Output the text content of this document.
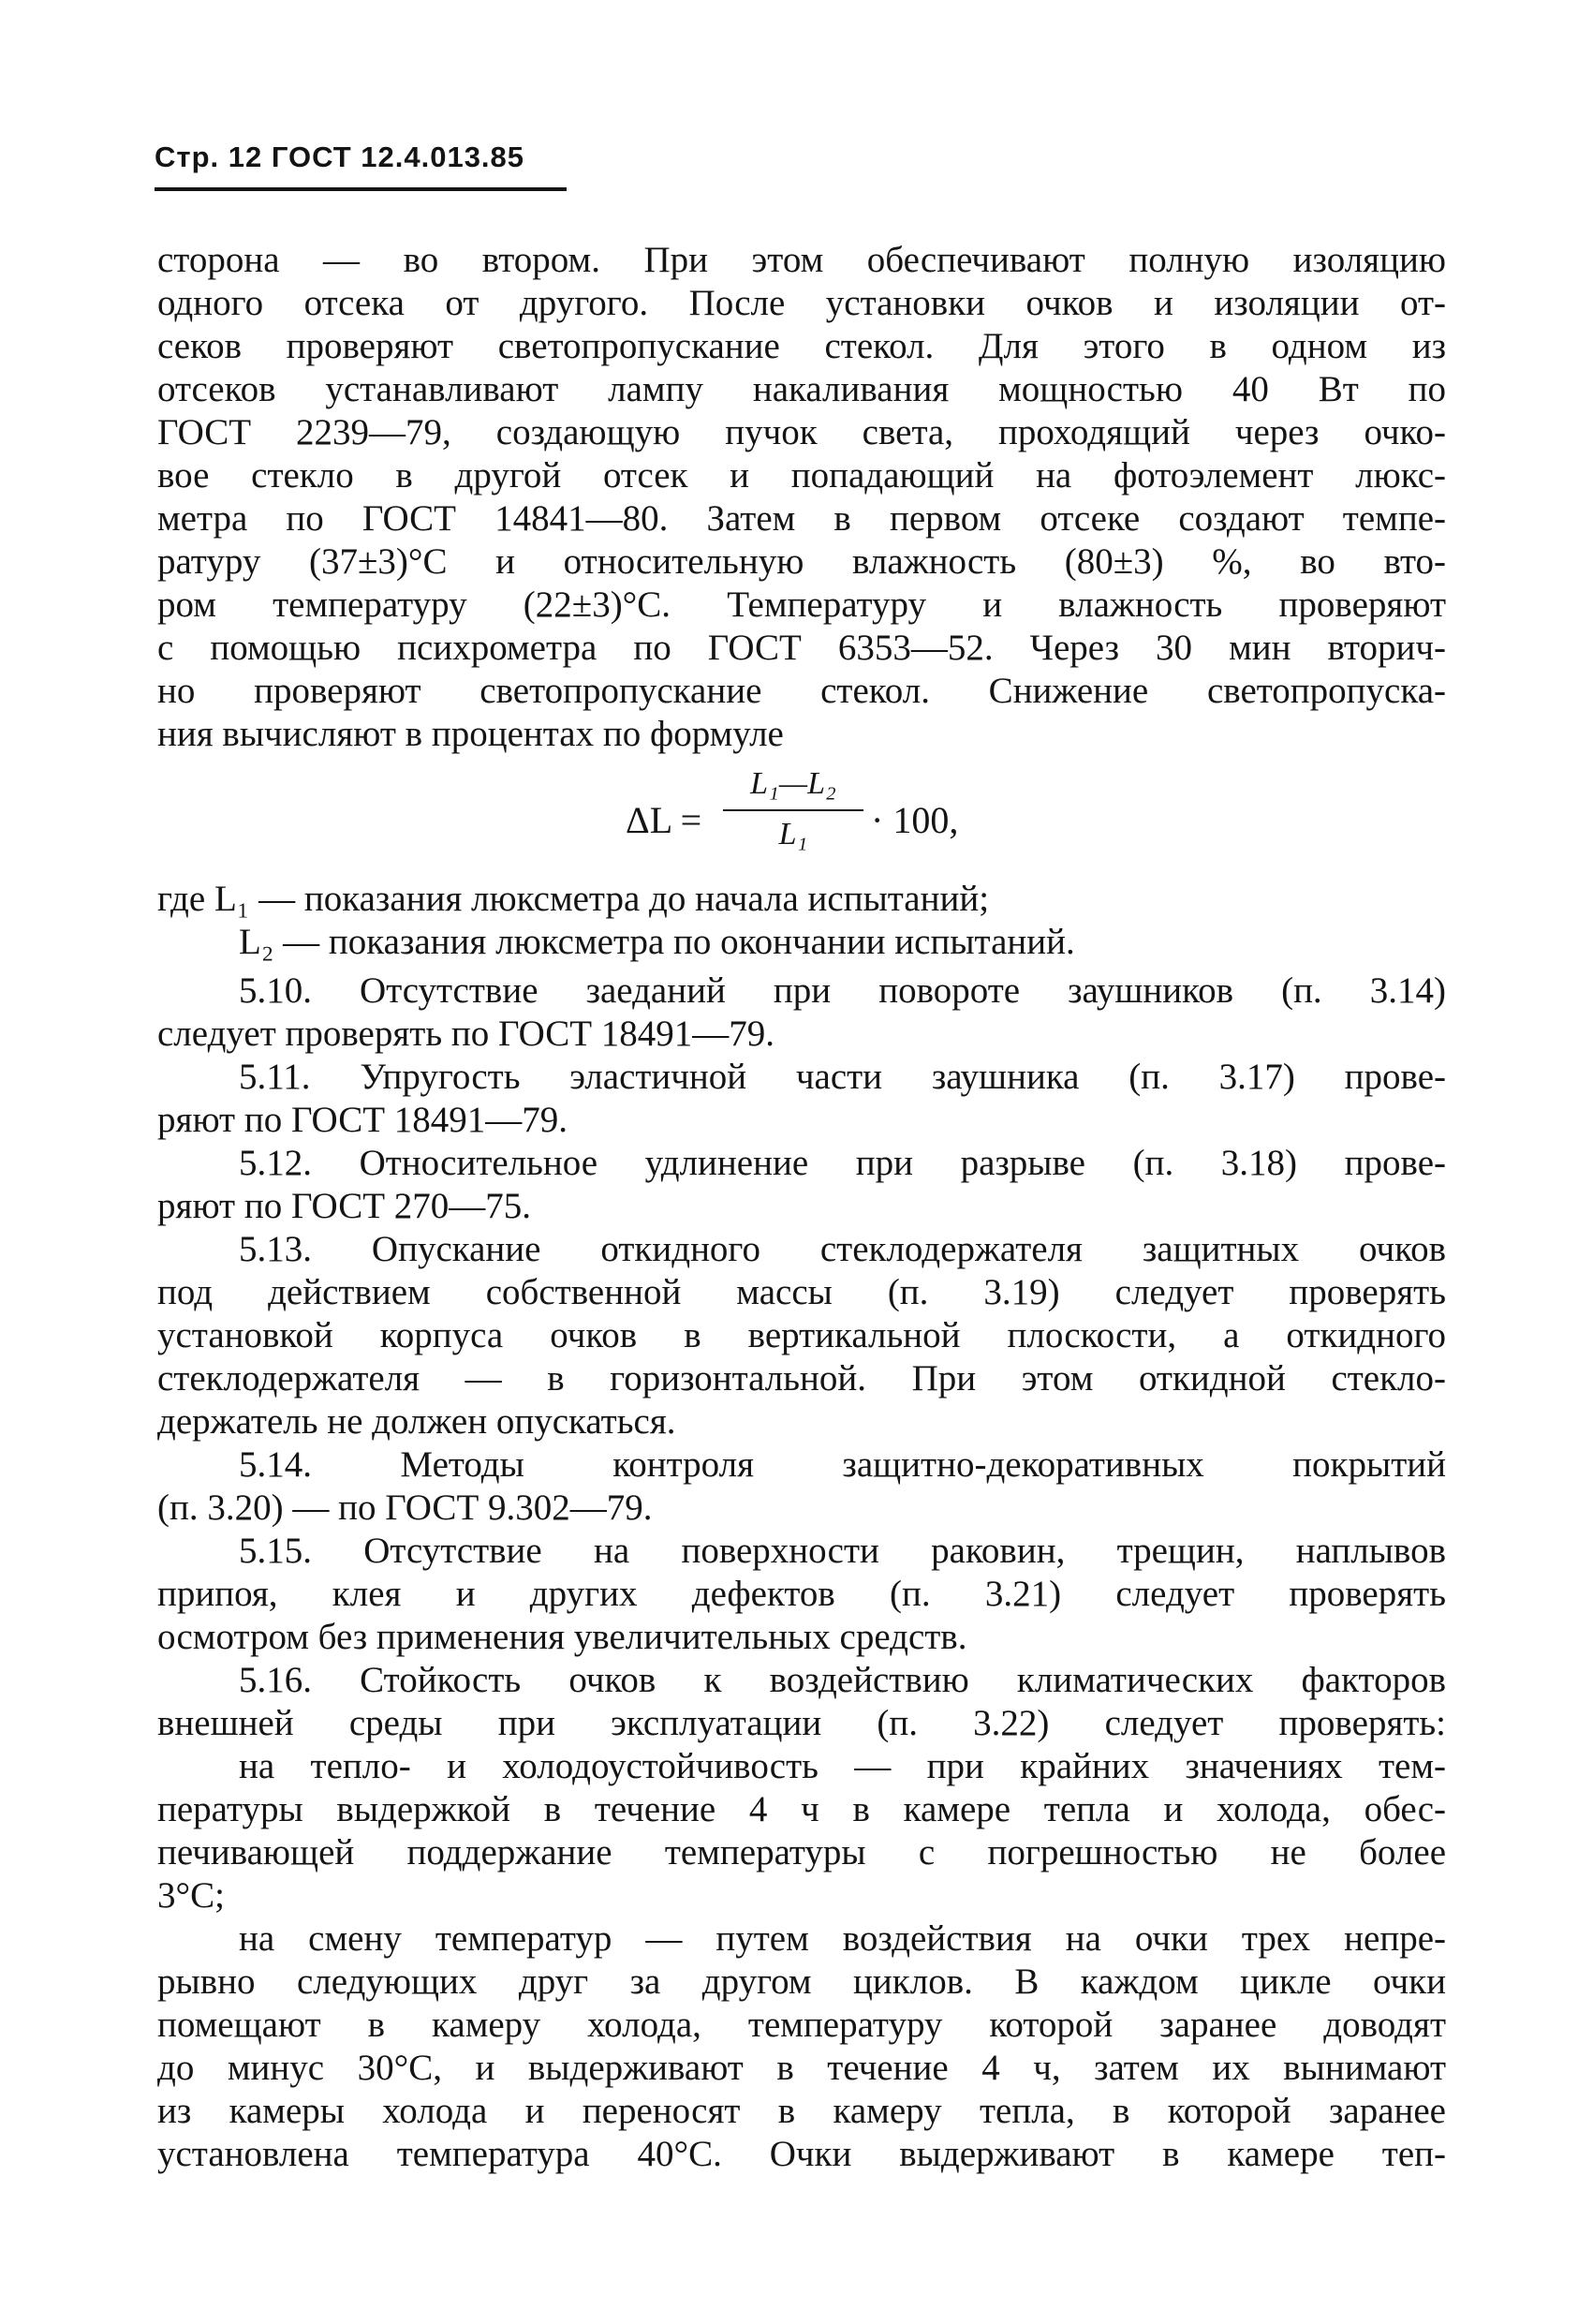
Стр. 12 ГОСТ 12.4.013.85
сторона — во втором. При этом обеспечивают полную изоляцию
одного отсека от другого. После установки очков и изоляции от-
секов проверяют светопропускание стекол. Для этого в одном из
отсеков устанавливают лампу накаливания мощностью 40 Вт по
ГОСТ 2239—79, создающую пучок света, проходящий через очко-
вое стекло в другой отсек и попадающий на фотоэлемент люкс-
метра по ГОСТ 14841—80. Затем в первом отсеке создают темпе-
ратуру (37±3)°С и относительную влажность (80±3) %, во вто-
ром температуру (22±3)°С. Температуру и влажность проверяют
с помощью психрометра по ГОСТ 6353—52. Через 30 мин вторич-
но проверяют светопропускание стекол. Снижение светопропуска-
ния вычисляют в процентах по формуле
ΔL =
L₁—L₂
L₁	· 100,
где L₁ — показания люксметра до начала испытаний;
L₂ — показания люксметра по окончании испытаний.
5.10. Отсутствие заеданий при повороте заушников (п. 3.14)
следует проверять по ГОСТ 18491—79.
5.11. Упругость эластичной части заушника (п. 3.17) прове-
ряют по ГОСТ 18491—79.
5.12. Относительное удлинение при разрыве (п. 3.18) прове-
ряют по ГОСТ 270—75.
5.13. Опускание откидного стеклодержателя защитных очков
под действием собственной массы (п. 3.19) следует проверять
установкой корпуса очков в вертикальной плоскости, а откидного
стеклодержателя — в горизонтальной. При этом откидной стекло-
держатель не должен опускаться.
5.14. Методы контроля защитно-декоративных покрытий
(п. 3.20) — по ГОСТ 9.302—79.
5.15. Отсутствие на поверхности раковин, трещин, наплывов
припоя, клея и других дефектов (п. 3.21) следует проверять
осмотром без применения увеличительных средств.
5.16. Стойкость очков к воздействию климатических факторов
внешней среды при эксплуатации (п. 3.22) следует проверять:
на тепло- и холодоустойчивость — при крайних значениях тем-
пературы выдержкой в течение 4 ч в камере тепла и холода, обес-
печивающей поддержание температуры с погрешностью не более
3°С;
на смену температур — путем воздействия на очки трех непре-
рывно следующих друг за другом циклов. В каждом цикле очки
помещают в камеру холода, температуру которой заранее доводят
до минус 30°С, и выдерживают в течение 4 ч, затем их вынимают
из камеры холода и переносят в камеру тепла, в которой заранее
установлена температура 40°С. Очки выдерживают в камере теп-
